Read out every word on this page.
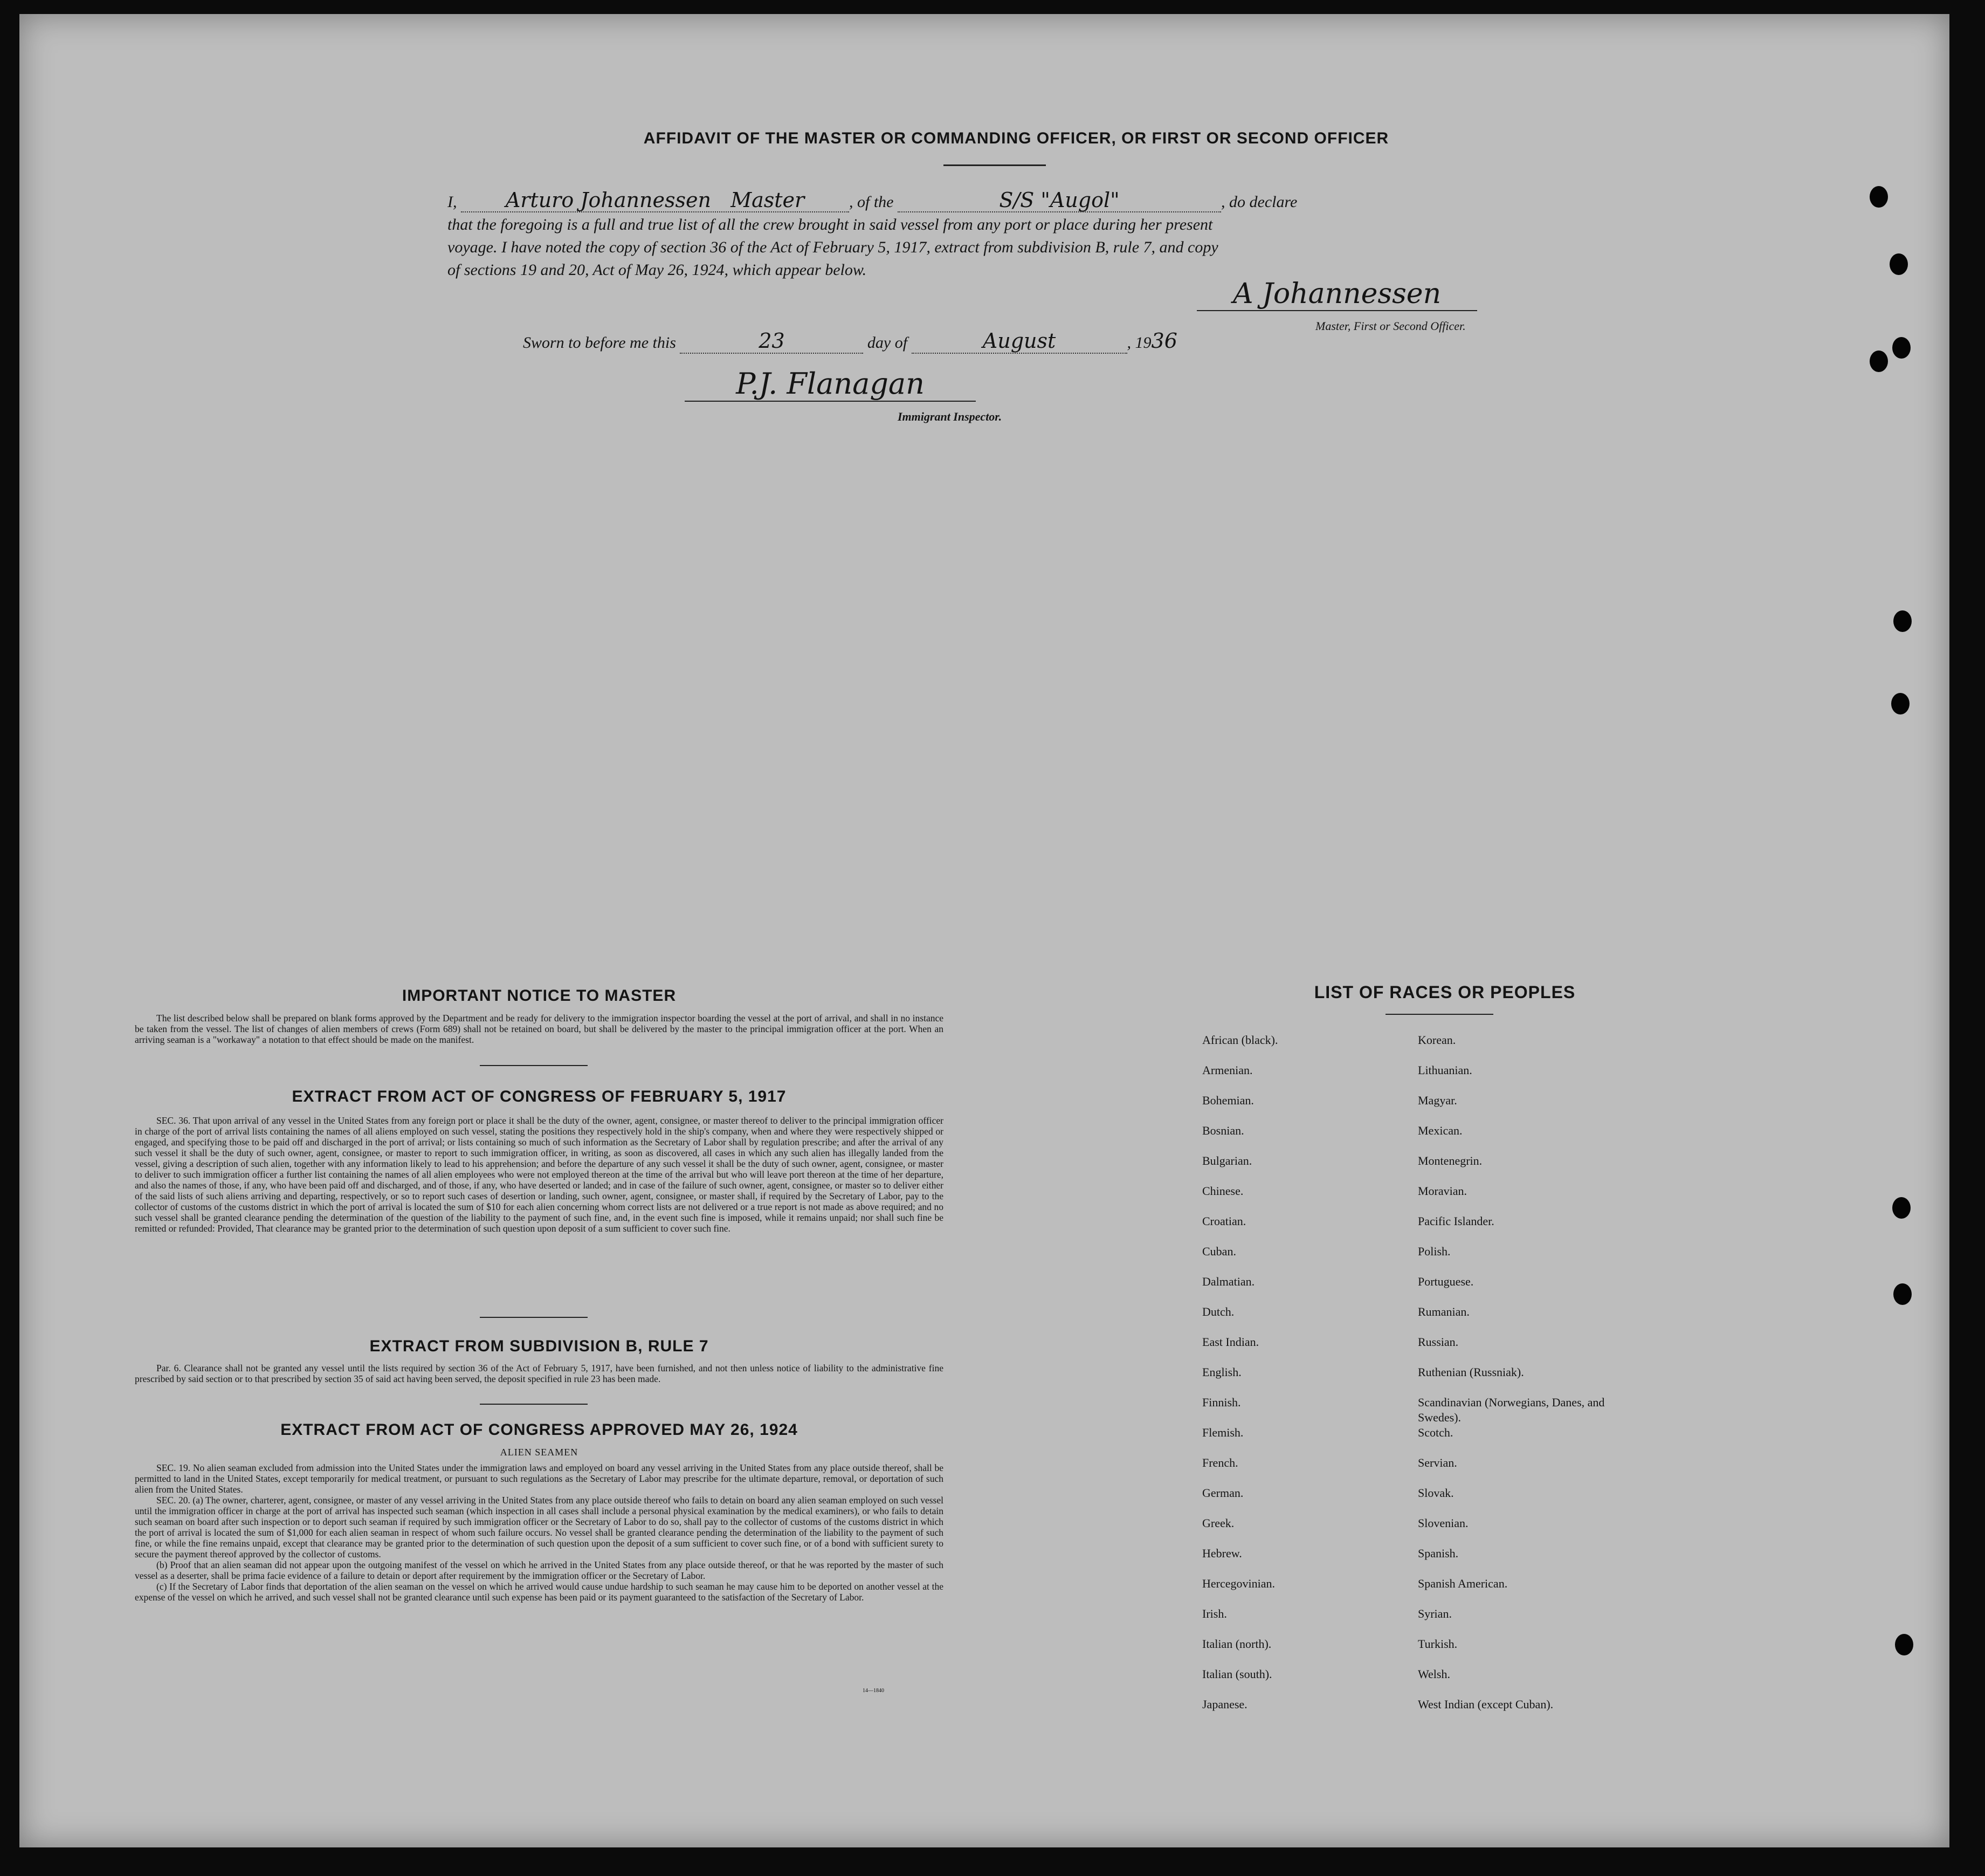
AFFIDAVIT OF THE MASTER OR COMMANDING OFFICER, OR FIRST OR SECOND OFFICER
I, Arturo Johannessen Master	, of the	S/S "Augol"	, do declare
that the foregoing is a full and true list of all the crew brought in said vessel from any port or place during her present
voyage. I have noted the copy of section 36 of the Act of February 5, 1917, extract from subdivision B, rule 7, and copy
of sections 19 and 20, Act of May 26, 1924, which appear below.
A Johannessen
Master, First or Second Officer.
Sworn to before me this	23	day of	August	, 1936
P.J. Flanagan
Immigrant Inspector.
IMPORTANT NOTICE TO MASTER

The list described below shall be prepared on blank forms approved by the Department and be ready for delivery to the immigration inspector boarding the vessel at the port of arrival, and shall in no instance be taken from the vessel. The list of changes of alien members of crews (Form 689) shall not be retained on board, but shall be delivered by the master to the principal immigration officer at the port. When an arriving seaman is a "workaway" a notation to that effect should be made on the manifest.

EXTRACT FROM ACT OF CONGRESS OF FEBRUARY 5, 1917

SEC. 36. That upon arrival of any vessel in the United States from any foreign port or place it shall be the duty of the owner, agent, consignee, or master thereof to deliver to the principal immigration officer in charge of the port of arrival lists containing the names of all aliens employed on such vessel, stating the positions they respectively hold in the ship's company, when and where they were respectively shipped or engaged, and specifying those to be paid off and discharged in the port of arrival; or lists containing so much of such information as the Secretary of Labor shall by regulation prescribe; and after the arrival of any such vessel it shall be the duty of such owner, agent, consignee, or master to report to such immigration officer, in writing, as soon as discovered, all cases in which any such alien has illegally landed from the vessel, giving a description of such alien, together with any information likely to lead to his apprehension; and before the departure of any such vessel it shall be the duty of such owner, agent, consignee, or master to deliver to such immigration officer a further list containing the names of all alien employees who were not employed thereon at the time of the arrival but who will leave port thereon at the time of her departure, and also the names of those, if any, who have been paid off and discharged, and of those, if any, who have deserted or landed; and in case of the failure of such owner, agent, consignee, or master so to deliver either of the said lists of such aliens arriving and departing, respectively, or so to report such cases of desertion or landing, such owner, agent, consignee, or master shall, if required by the Secretary of Labor, pay to the collector of customs of the customs district in which the port of arrival is located the sum of $10 for each alien concerning whom correct lists are not delivered or a true report is not made as above required; and no such vessel shall be granted clearance pending the determination of the question of the liability to the payment of such fine, and, in the event such fine is imposed, while it remains unpaid; nor shall such fine be remitted or refunded: Provided, That clearance may be granted prior to the determination of such question upon deposit of a sum sufficient to cover such fine.

EXTRACT FROM SUBDIVISION B, RULE 7

Par. 6. Clearance shall not be granted any vessel until the lists required by section 36 of the Act of February 5, 1917, have been furnished, and not then unless notice of liability to the administrative fine prescribed by said section or to that prescribed by section 35 of said act having been served, the deposit specified in rule 23 has been made.

EXTRACT FROM ACT OF CONGRESS APPROVED MAY 26, 1924
ALIEN SEAMEN

SEC. 19. No alien seaman excluded from admission into the United States under the immigration laws and employed on board any vessel arriving in the United States from any place outside thereof, shall be permitted to land in the United States, except temporarily for medical treatment, or pursuant to such regulations as the Secretary of Labor may prescribe for the ultimate departure, removal, or deportation of such alien from the United States.

SEC. 20. (a) The owner, charterer, agent, consignee, or master of any vessel arriving in the United States from any place outside thereof who fails to detain on board any alien seaman employed on such vessel until the immigration officer in charge at the port of arrival has inspected such seaman (which inspection in all cases shall include a personal physical examination by the medical examiners), or who fails to detain such seaman on board after such inspection or to deport such seaman if required by such immigration officer or the Secretary of Labor to do so, shall pay to the collector of customs of the customs district in which the port of arrival is located the sum of $1,000 for each alien seaman in respect of whom such failure occurs. No vessel shall be granted clearance pending the determination of the liability to the payment of such fine, or while the fine remains unpaid, except that clearance may be granted prior to the determination of such question upon the deposit of a sum sufficient to cover such fine, or of a bond with sufficient surety to secure the payment thereof approved by the collector of customs.

(b) Proof that an alien seaman did not appear upon the outgoing manifest of the vessel on which he arrived in the United States from any place outside thereof, or that he was reported by the master of such vessel as a deserter, shall be prima facie evidence of a failure to detain or deport after requirement by the immigration officer or the Secretary of Labor.

(c) If the Secretary of Labor finds that deportation of the alien seaman on the vessel on which he arrived would cause undue hardship to such seaman he may cause him to be deported on another vessel at the expense of the vessel on which he arrived, and such vessel shall not be granted clearance until such expense has been paid or its payment guaranteed to the satisfaction of the Secretary of Labor.

14—1840
LIST OF RACES OR PEOPLES
African (black).
Armenian.
Bohemian.
Bosnian.
Bulgarian.
Chinese.
Croatian.
Cuban.
Dalmatian.
Dutch.
East Indian.
English.
Finnish.
Flemish.
French.
German.
Greek.
Hebrew.
Hercegovinian.
Irish.
Italian (north).
Italian (south).
Japanese.
Korean.
Lithuanian.
Magyar.
Mexican.
Montenegrin.
Moravian.
Pacific Islander.
Polish.
Portuguese.
Rumanian.
Russian.
Ruthenian (Russniak).
Scandinavian (Norwegians, Danes, and Swedes).
Scotch.
Servian.
Slovak.
Slovenian.
Spanish.
Spanish American.
Syrian.
Turkish.
Welsh.
West Indian (except Cuban).
